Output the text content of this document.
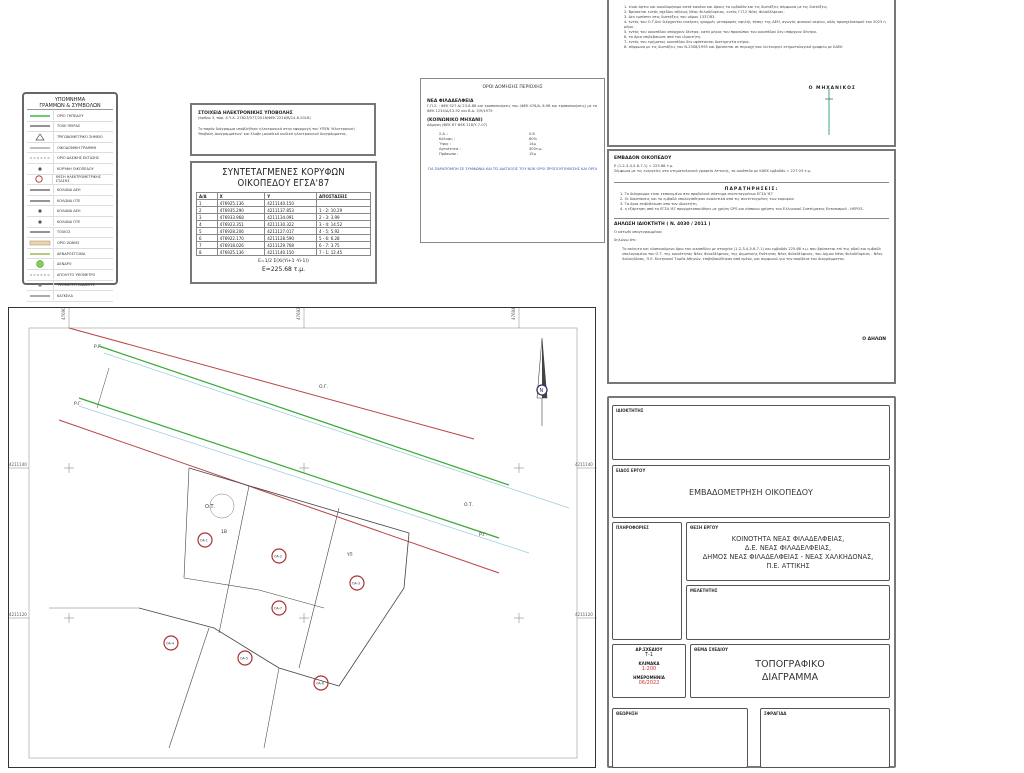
ΥΠΟΜΝΗΜΑ
ΓΡΑΜΜΩΝ & ΣΥΜΒΟΛΩΝ
ΟΡΙΟ ΓΗΠΕΔΟΥ
ΤΟΙΧΙ ΠΕΙΡΑΣ
ΤΡΙΓΩΝΟΜΕΤΡΙΚΟ ΣΗΜΕΙΟ
ΟΙΚΟΔΟΜΙΚΗ ΓΡΑΜΜΗ
ΟΡΙΟ ΔΑΣΙΚΗΣ ΕΚΤΑΣΗΣ
ΚΟΡΥΦΗ ΟΙΚΟΠΕΔΟΥ
ΘΕΣΗ ΗΛΕΚΤΡΟΜΕΤΡΙΚΗΣ ΣΤΑΣΗΣ
ΚΟΛΩΝΑ ΔΕΗ
ΚΟΛΩΝΑ ΟΤΕ
ΚΟΛΩΝΑ ΔΕΗ
ΚΟΛΩΝΑ ΟΤΕ
ΤΟΙΧΟΣ
ΟΡΙΟ ΖΩΝΗΣ
ΔΕΝΔΡΟΣΤΟΙΧΙΑ
ΔΕΝΔΡΟ
ΑΠΟΛΥΤΟ ΥΨΟΜΕΤΡΟ
ΥΨΟΜΕΤΡΟ ΕΔΑΦΟΥΣ
ΚΑΓΚΕΛΑ
ΣΤΟΙΧΕΙΑ ΗΛΕΚΤΡΟΝΙΚΗΣ ΥΠΟΒΟΛΗΣ
(άρθρο 3, παρ. 4 Υ.Α. 27823/577/2018/ΦΕΚ 2216/Β/14-6-2018)
Το παρόν διάγραμμα υποβλήθηκε ηλεκτρονικά στην εφαρμογή του ΥΠΕΝ 'Ηλεκτρονική Υποβολή Διαγραμμάτων' και έλαβε μοναδικό κωδικό ηλεκτρονικού διαγράμματος.
ΣΥΝΤΕΤΑΓΜΕΝΕΣ ΚΟΡΥΦΩΝ
ΟΙΚΟΠΕΔΟΥ ΕΓΣΑ'87
Α/Α	Χ	Υ	ΑΠΟΣΤΑΣΕΙΣ
1	476925.136	4211140.150	
2	476935.290	4211137.853	1 - 2: 10.29
3	476933.968	4211134.091	2 - 3: 3.99
4	476923.351	4211130.322	3 - 4: 14.52
5	476928.206	4211127.017	4 - 5: 5.92
6	476922.170	4211128.590	5 - 6: 6.28
7	476918.026	4211129.768	6 - 7: 3.75
8	476925.136	4211140.150	7 - 1: 12.45
Ε=1/2 Σ(Χi(Yi+1 -Yi-1))
Ε=225.68 τ.μ.
ΟΡΟΙ ΔΟΜΗΣΗΣ ΠΕΡΙΟΧΗΣ
ΝΕΑ ΦΙΛΑΔΕΛΦΕΙΑ
Γ.Π.Σ. : ΦΕΚ 527 Δ/ 23-8-88 και τροποποιήσεις του (ΦΕΚ 476/Δ, 6-98 και τροποποιήσεις) με το ΦΕΚ 1234/Δ/13-92 και Β.Δ. 3/9/1975
(ΚΟΙΝΩΝΙΚΟ ΜΗΧΑΝΙ)
Δόμηση (ΦΕΚ 87 ΦΕΚ 118/Υ-7-07)
Σ.Δ. :	0.8
Κάλυψη :	60%
Ύψος :	14μ
Αρτιότητα :	300τ.μ.
Πρόσωπο :	15μ
ΓΙΑ ΠΑΡΑΠΟΜΠΗ ΣΕ ΣΥΜΦΩΝΙΑ ΚΑΙ ΤΙΣ ΔΙΑΤΑΞΕΙΣ ΤΟΥ ΝΟΚ ΟΡΟΙ ΠΡΟΠΟΥΠΟΘΕΣΗΣ ΚΑΙ ΟΡΟΙ
1. είναι άρτιο και οικοδομήσιμο κατά κανόνα και όρους το εμβαδόν και τις διατάξεις σύμφωνα με τις διατάξεις.
2. Βρίσκεται εντός σχεδίου πόλεως Νέας Φιλαδέλφειας, εντός Γ.Π.Σ Νέας Φιλαδέλφειας.
3. Δεν εμπίπτει στις διατάξεις του νόμου 1337/83.
4. εντός του Ο.Τ.δεν διέρχονται εναέριες γραμμές μεταφοράς υψηλής τάσης της ΔΕΗ, αγωγός φυσικού αερίου, οδός προσχεδιασμού του 2023 ή ρέμα.
5. εντός του οικοπέδου υπάρχουν δέντρα, κατά μήκος του προσώπου του οικοπέδου δεν υπάρχουν δέντρα.
6. το όριο επιβεβαίωσε από τον ιδιοκτήτη.
7. εντός του τμήματος οικοπέδου δεν υφίστανται διατηρητέα κτίρια.
8. σύμφωνα με τις διατάξεις του Ν.2308/1995 και βρίσκεται σε περιοχή που λειτουργεί κτηματολογικό γραφείο με ΚΑΕΚ
Ο ΜΗΧΑΝΙΚΟΣ
ΕΜΒΑΔΟΝ ΟΙΚΟΠΕΔΟΥ
Ε (1-2-3-4-5-6-7-1) = 225.68 τ.μ.
Σύμφωνα με τις ενεργείες στο κτηματολογικό γραφείο Αττικής, το οικόπεδο με ΚΑΕΚ εμβαδόν = 227.03 τ.μ.
ΠΑΡΑΤΗΡΗΣΕΙΣ:
1. Το διάγραμμα είναι εκπονημένο στο προβολικό σύστημα συντεταγμένων ΕΓΣΑ '87
2. Οι διαστάσεις και το εμβαδό υπολογίσθηκαν αναλυτικά από τις συντεταγμένες των κορυφών
3. Τα όρια επιβεβαίωσε απο τον ιδιοκτήτη.
4. η εξάρτηση από το ΕΓΣΑ '87 πραγματοποιήθηκε με χρήση GPS και κάποιου χρήστη του Ελληνικού Συστήματος Εντοπισμού - HEPOS.
ΔΗΛΩΣΗ ΙΔΙΟΚΤΗΤΗ ( Ν. 4030 / 2011 )
Ο κάτωθι υπογεγραμμένος
δηλώνω ότι:
Το ακίνητο και υλοποιούμενο όριο του οικοπέδου με στοιχεία (1-2-3-4-5-6-7-1) και εμβαδόν 225.68 τ.μ. που βρίσκεται επί της οδού και εμβαδό υπολογισμένο του Ο.Τ. της κοινότητας Νέας Φιλαδέλφειας, της Δημοτικής Ενότητας Νέας Φιλαδέλφειας, του Δήμου Νέας Φιλαδέλφειας - Νέας Χαλκηδόνας, Π.Ε. Κεντρικού Τομέα Αθηνών, επιβεβαιώθηκαν από εμένα, και συμφωνώ για την ακρίβεια του διαγράμματος.
Ο ΔΗΛΩΝ
476900	476920	476940
4211140	4211140
4211120	4211120
ΟΑ-1
ΟΑ-2
ΟΑ-3
ΟΑ-4
ΟΑ-5
ΟΑ-6
ΟΑ-7
Ο.Τ.	Ο.Τ.
1Β
ΥΠ
Ρ.Γ.
Ρ.Γ.
Ο.Γ.
Ρ.Γ.
N
ΙΔΙΟΚΤΗΤΗΣ
ΕΙΔΟΣ ΕΡΓΟΥ
ΕΜΒΑΔΟΜΕΤΡΗΣΗ ΟΙΚΟΠΕΔΟΥ
ΠΛΗΡΟΦΟΡΙΕΣ	ΘΕΣΗ ΕΡΓΟΥ
ΚΟΙΝΟΤΗΤΑ ΝΕΑΣ ΦΙΛΑΔΕΛΦΕΙΑΣ,
Δ.Ε. ΝΕΑΣ ΦΙΛΑΔΕΛΦΕΙΑΣ,
ΔΗΜΟΣ ΝΕΑΣ ΦΙΛΑΔΕΛΦΕΙΑΣ - ΝΕΑΣ ΧΑΛΚΗΔΟΝΑΣ,
Π.Ε. ΑΤΤΙΚΗΣ
ΜΕΛΕΤΗΤΗΣ
ΑΡ.ΣΧΕΔΙΟΥ
Τ-1
ΚΛΙΜΑΚΑ
1:200
ΗΜΕΡΟΜΗΝΙΑ
06/2022
ΘΕΜΑ ΣΧΕΔΙΟΥ
ΤΟΠΟΓΡΑΦΙΚΟ
ΔΙΑΓΡΑΜΜΑ
ΘΕΩΡΗΣΗ	ΣΦΡΑΓΙΔΑ
